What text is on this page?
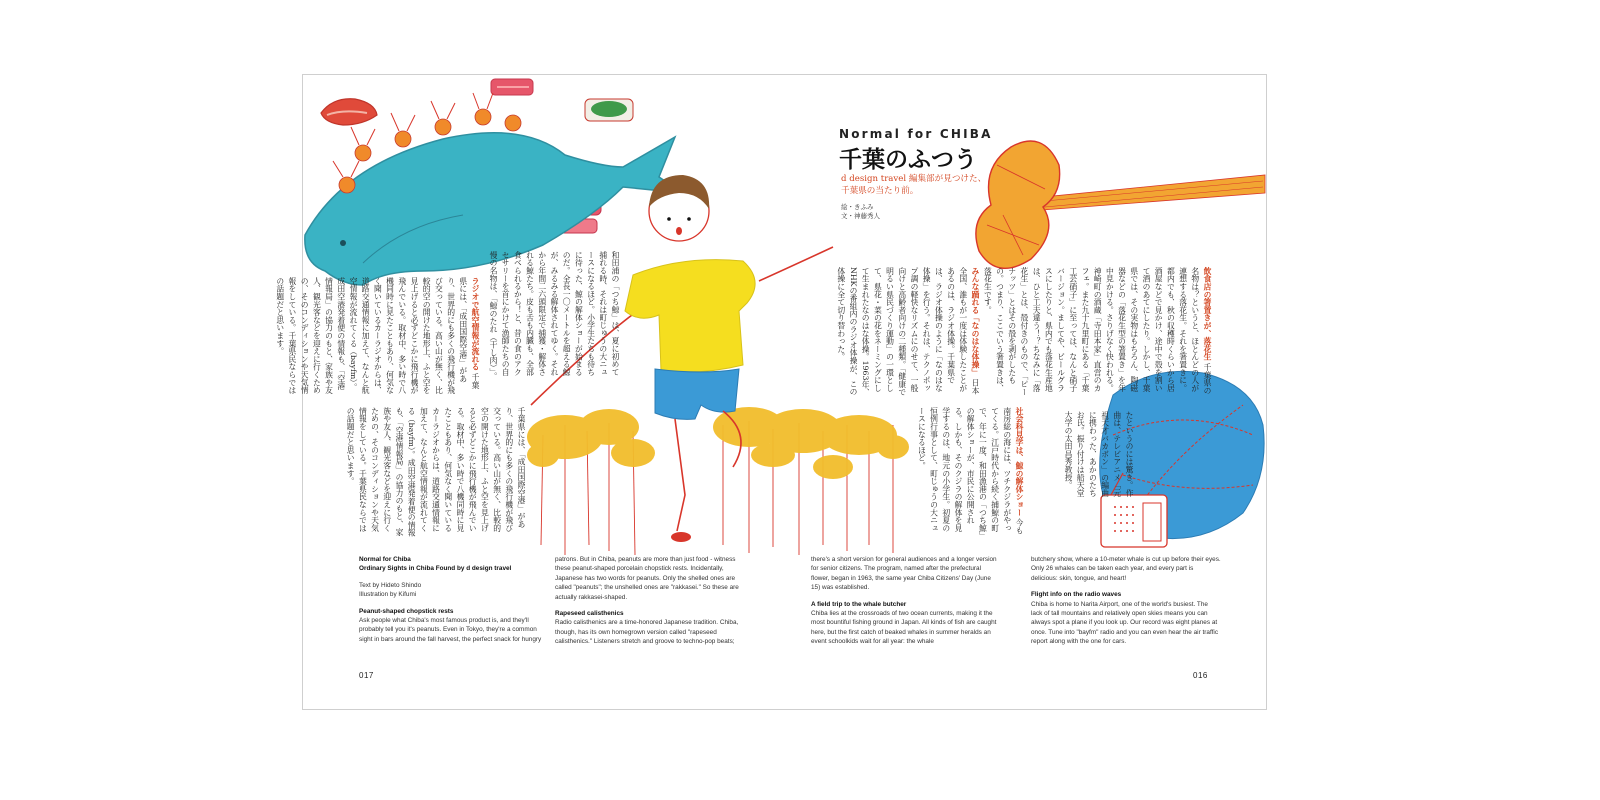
Normal for CHIBA
千葉のふつう
d design travel 編集部が見つけた、
千葉県の当たり前。
絵・きふみ
文・神藤秀人
飲食店の箸置きが、落花生 千葉県の名物は？というと、ほとんどの人が連想する落花生。それを箸置きに。都内でも、秋の収穫時くらいから居酒屋などで見かけ、途中で殻を割いて酒のあてにしたり。しかし、千葉県では、その実物はもちろん、陶磁器などの「落花生型の箸置き」を年中見かける。さりげなく快われる。神崎町の酒蔵「寺田本家」直営のカフェ。また九十九里町にある「千葉工芸硝子」に至っては、なんと硝子バージョン。ましてや、ビールグラスにしたりと、県内でも落花生産地は、ひと工夫違う！？ちなみに「落花生」とは、殻付きのもので、「ピーナッツ」とはその殻を剥がしたもの。つまり、ここでいう箸置きは、落花生です。
みんな踊れる「なのはな体操」 日本全国、誰もが一度は体験したことがあるのは、ラジオ体操。千葉県では、ラジオ体操のように「なのはな体操」を行う。それは、テクノポップ調の軽快なリズムにのせて、一般向けと高齢者向けの二種類。「健康で明るい県民づくり運動」の一環として、県花・菜の花をネーミングにして生まれたなのはな体操。1963年、NHKの番組内のラジオ体操が、この体操に全て切り替わった。
社会科見学は、鯨の解体ショー 今も南房総の海には、ツチクジラがやってくる。江戸時代から続く捕鯨の町で、年に一度、和田漁港の「つち鯨」の解体ショーが、市民に公開される。しかも、そのクジラの解体を見学するのは、地元の小学生。初夏の恒例行事として、町じゅうの大ニュースになるほど。
和田浦の「つち鯨」は、夏に初めて捕れる時、それは町じゅうの大ニュースになるほど。小学生たちも待ちに待った、鯨の解体ショーが始まるのだ。全長一〇メートルを超える鯨が、みるみる解体されてゆく。それから年間二六頭限定で捕獲・解体される鯨たち。皮も舌も内臓も、全部食べられるから！と、昔の食のアクセサリーを首にかけて漁師たちの自慢の名物は、「鯨のたれ（干し肉）」。
ラジオで航空情報が流れる 千葉県には、「成田国際空港」があり、世界的にも多くの飛行機が飛び交っている。高い山が無く、比較的空の開けた地形上、ふと空を見上げると必ずどこかに飛行機が飛んでいる。取材中、多い時で八機同時に見たこともあり、何気なく聞いているカーラジオからは、道路交通情報に加えて、なんと航空情報が流れてくる（bayfm）。成田空港発着便の情報も、「空港情報局」の協力のもと、家族や友人、観光客などを迎えに行くための、そのコンディションや天気情報をしている。千葉県民ならではの話題だと思います。
千葉県には、「成田国際空港」があり、世界的にも多くの飛行機が飛び交っている。高い山が無く、比較的空の開けた地形上、ふと空を見上げると必ずどこかに飛行機が飛んでいる。取材中、多い時で八機同時に見たこともあり、何気なく聞いているカーラジオからは、道路交通情報に加えて、なんと航空情報が流れてくる（bayfm）。成田空港発着便の情報も、「空港情報局」の協力のもと、家族や友人、観光客などを迎えに行くための、そのコンディションや天気情報をしている。千葉県民ならではの話題だと思います。	たというのには驚き。作曲は、テレビアニメ「元祖天才バカボン」の編曲に携わった、あかのたちお氏。振り付けは船天堂大学の太田昌秀教授。
Normal for Chiba
Ordinary Sights in Chiba Found by d design travel
Text by Hideto Shindo
Illustration by Kifumi
Peanut-shaped chopstick rests
Ask people what Chiba's most famous product is, and they'll probably tell you it's peanuts. Even in Tokyo, they're a common sight in bars around the fall harvest, the perfect snack for hungry
patrons. But in Chiba, peanuts are more than just food - witness these peanut-shaped porcelain chopstick rests. Incidentally, Japanese has two words for peanuts. Only the shelled ones are called "peanuts"; the unshelled ones are "rakkasei." So these are actually rakkasei-shaped.
Rapeseed calisthenics
Radio calisthenics are a time-honored Japanese tradition. Chiba, though, has its own homegrown version called "rapeseed calisthenics." Listeners stretch and groove to techno-pop beats;
there's a short version for general audiences and a longer version for senior citizens. The program, named after the prefectural flower, began in 1963, the same year Chiba Citizens' Day (June 15) was established.
A field trip to the whale butcher
Chiba lies at the crossroads of two ocean currents, making it the most bountiful fishing ground in Japan. All kinds of fish are caught here, but the first catch of beaked whales in summer heralds an event schoolkids wait for all year: the whale
butchery show, where a 10-meter whale is cut up before their eyes. Only 26 whales can be taken each year, and every part is delicious: skin, tongue, and heart!
Flight info on the radio waves
Chiba is home to Narita Airport, one of the world's busiest. The lack of tall mountains and relatively open skies means you can always spot a plane if you look up. Our record was eight planes at once. Tune into "bayfm" radio and you can even hear the air traffic report along with the one for cars.
017	016
